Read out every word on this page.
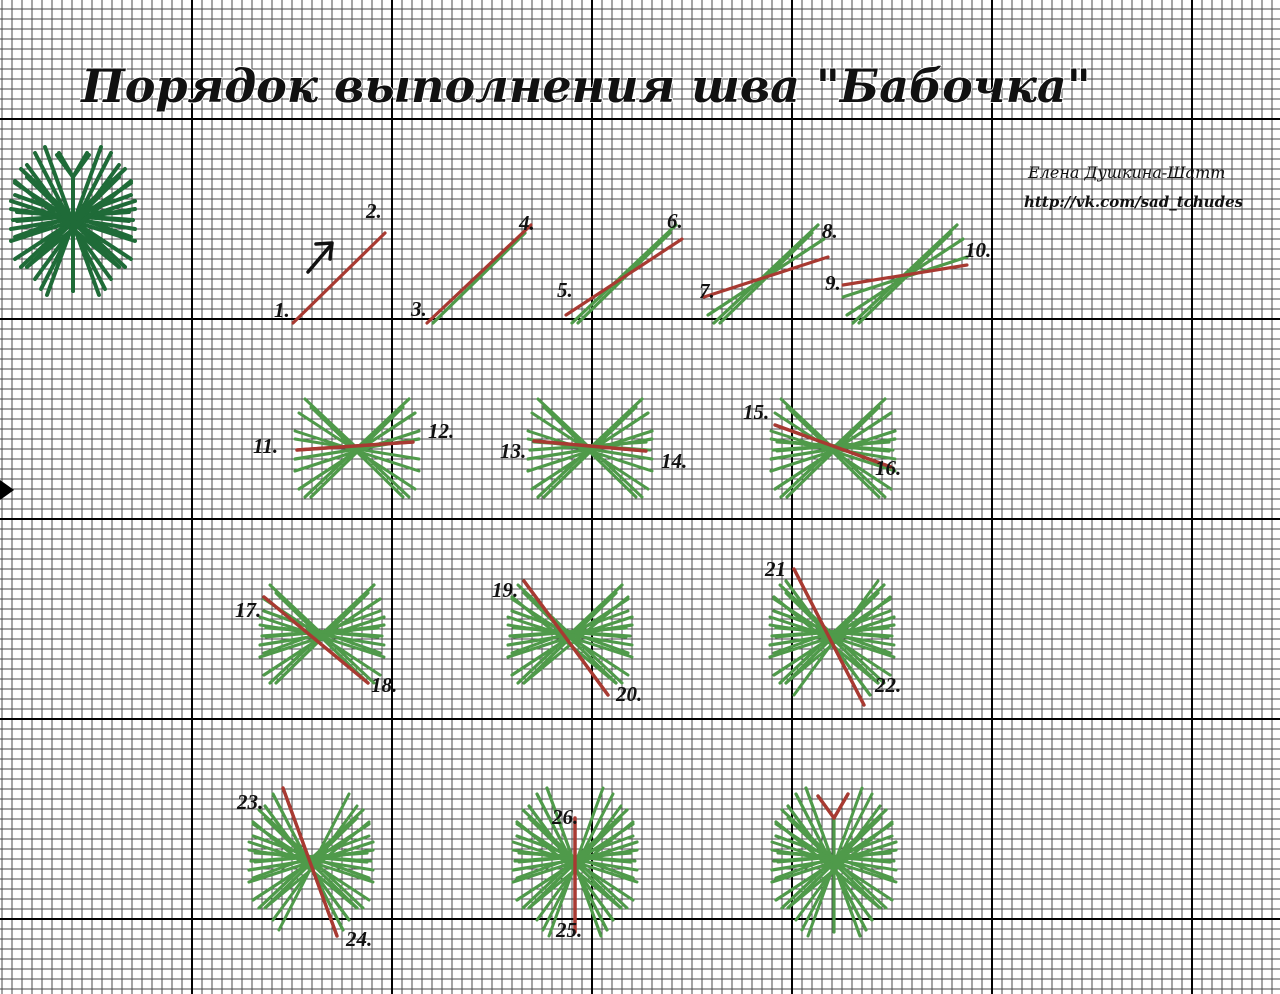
Порядок выполнения шва "Бабочка"
Елена Душкина-Шатт
http://vk.com/sad_tchudes
1.
2.
3.
4.
5.
6.
7.
8.
9.
10.
11.
12.
13.	14.
15.
16.
17.
18.
19.
20.
21
22.
23.
24.	25.
26.
